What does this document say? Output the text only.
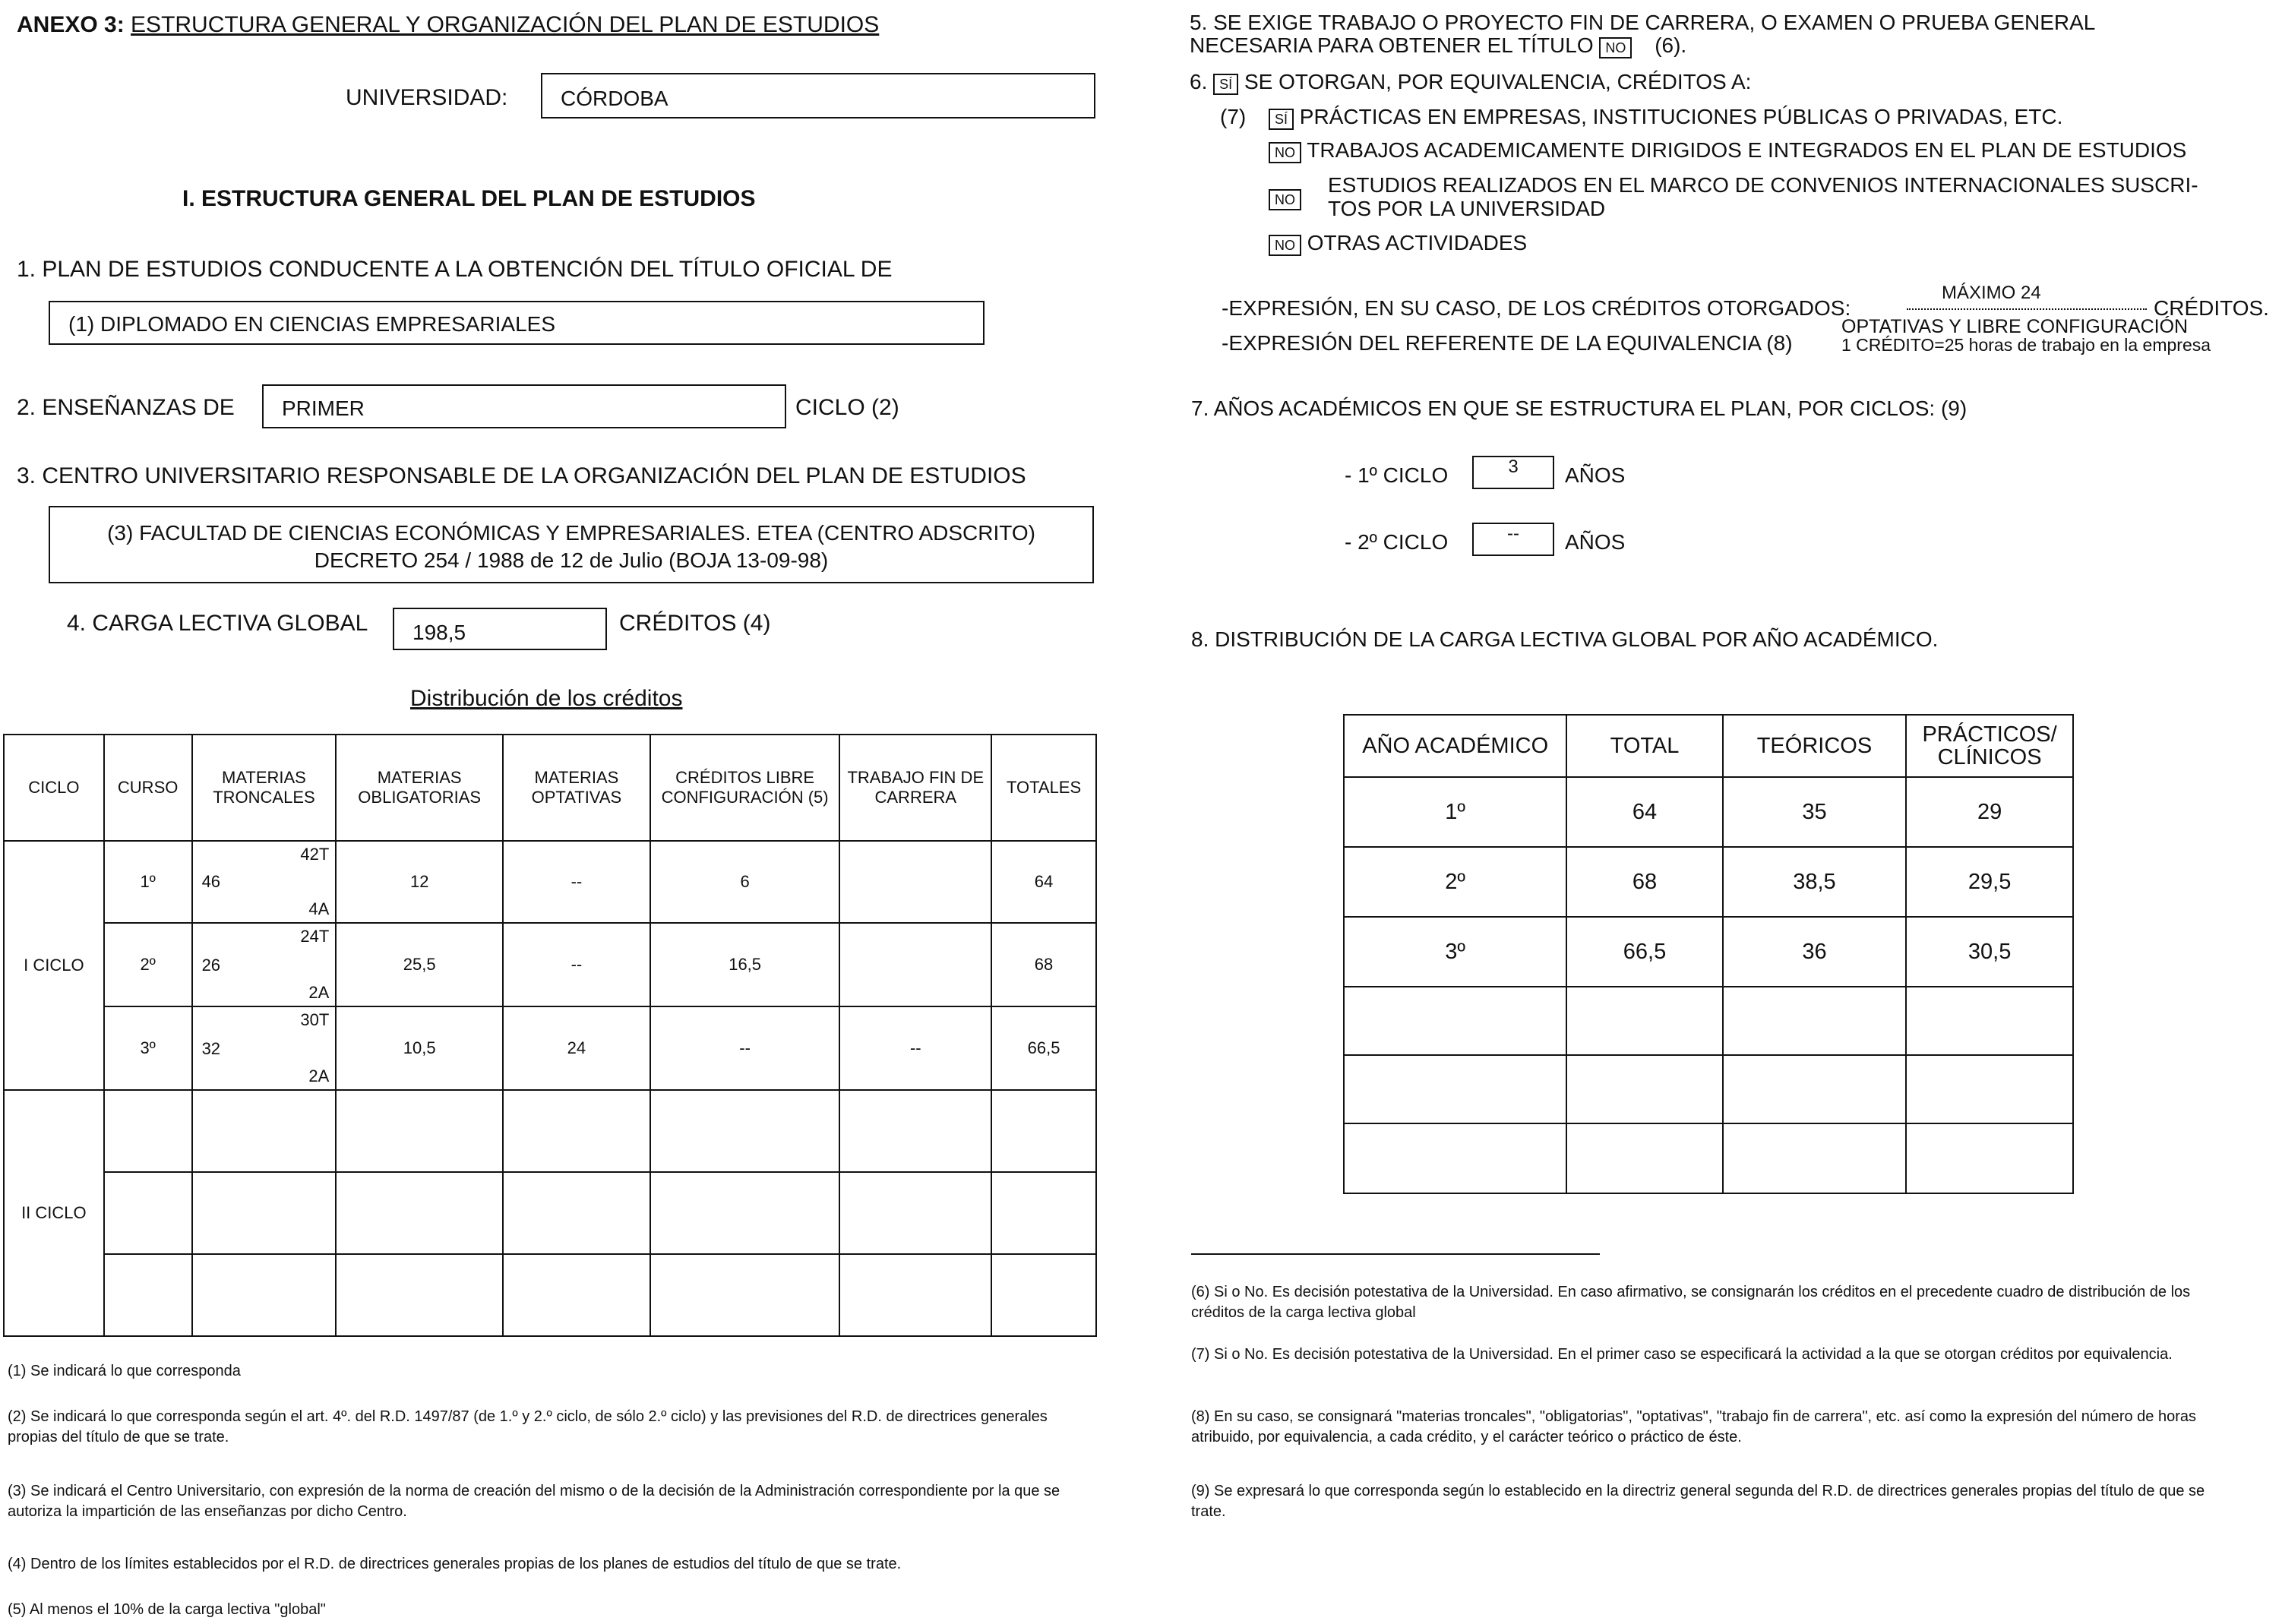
ANEXO 3: ESTRUCTURA GENERAL Y ORGANIZACIÓN DEL PLAN DE ESTUDIOS
UNIVERSIDAD:	CÓRDOBA
I. ESTRUCTURA GENERAL DEL PLAN DE ESTUDIOS
1. PLAN DE ESTUDIOS CONDUCENTE A LA OBTENCIÓN DEL TÍTULO OFICIAL DE
(1) DIPLOMADO EN CIENCIAS EMPRESARIALES
2. ENSEÑANZAS DE	PRIMER	CICLO (2)
3. CENTRO UNIVERSITARIO RESPONSABLE DE LA ORGANIZACIÓN DEL PLAN DE ESTUDIOS
(3) FACULTAD DE CIENCIAS ECONÓMICAS Y EMPRESARIALES. ETEA (CENTRO ADSCRITO)
DECRETO 254 / 1988 de 12 de Julio (BOJA 13-09-98)
4. CARGA LECTIVA GLOBAL	198,5	CRÉDITOS (4)
Distribución de los créditos
CICLO	CURSO	MATERIAS TRONCALES	MATERIAS OBLIGATORIAS	MATERIAS OPTATIVAS	CRÉDITOS LIBRE CONFIGURACIÓN (5)	TRABAJO FIN DE CARRERA	TOTALES
I CICLO	1º	42T
46
4A	12	--	6		64
	2º	24T
26
2A	25,5	--	16,5		68
	3º	30T
32
2A	10,5	24	--	--	66,5
II CICLO							

(1) Se indicará lo que corresponda
(2) Se indicará lo que corresponda según el art. 4º. del R.D. 1497/87 (de 1.º y 2.º ciclo, de sólo 2.º ciclo) y las previsiones del R.D. de directrices generales propias del título de que se trate.
(3) Se indicará el Centro Universitario, con expresión de la norma de creación del mismo o de la decisión de la Administración correspondiente por la que se autoriza la impartición de las enseñanzas por dicho Centro.
(4) Dentro de los límites establecidos por el R.D. de directrices generales propias de los planes de estudios del título de que se trate.
(5) Al menos el 10% de la carga lectiva "global"
5. SE EXIGE TRABAJO O PROYECTO FIN DE CARRERA, O EXAMEN O PRUEBA GENERAL
NECESARIA PARA OBTENER EL TÍTULO NO (6).
6. SÍ SE OTORGAN, POR EQUIVALENCIA, CRÉDITOS A:
(7)	SÍ PRÁCTICAS EN EMPRESAS, INSTITUCIONES PÚBLICAS O PRIVADAS, ETC.
NO TRABAJOS ACADEMICAMENTE DIRIGIDOS E INTEGRADOS EN EL PLAN DE ESTUDIOS
NO
ESTUDIOS REALIZADOS EN EL MARCO DE CONVENIOS INTERNACIONALES SUSCRI-
TOS POR LA UNIVERSIDAD
NO OTRAS ACTIVIDADES
-EXPRESIÓN, EN SU CASO, DE LOS CRÉDITOS OTORGADOS:
MÁXIMO 24
CRÉDITOS.
-EXPRESIÓN DEL REFERENTE DE LA EQUIVALENCIA (8)
OPTATIVAS Y LIBRE CONFIGURACIÓN
1 CRÉDITO=25 horas de trabajo en la empresa
7. AÑOS ACADÉMICOS EN QUE SE ESTRUCTURA EL PLAN, POR CICLOS: (9)
- 1º CICLO	3	AÑOS
- 2º CICLO	--	AÑOS
8. DISTRIBUCIÓN DE LA CARGA LECTIVA GLOBAL POR AÑO ACADÉMICO.
AÑO ACADÉMICO	TOTAL	TEÓRICOS	PRÁCTICOS/ CLÍNICOS
1º	64	35	29
2º	68	38,5	29,5
3º	66,5	36	30,5

(6) Si o No. Es decisión potestativa de la Universidad. En caso afirmativo, se consignarán los créditos en el precedente cuadro de distribución de los créditos de la carga lectiva global
(7) Si o No. Es decisión potestativa de la Universidad. En el primer caso se especificará la actividad a la que se otorgan créditos por equivalencia.
(8) En su caso, se consignará "materias troncales", "obligatorias", "optativas", "trabajo fin de carrera", etc. así como la expresión del número de horas atribuido, por equivalencia, a cada crédito, y el carácter teórico o práctico de éste.
(9) Se expresará lo que corresponda según lo establecido en la directriz general segunda del R.D. de directrices generales propias del título de que se trate.
